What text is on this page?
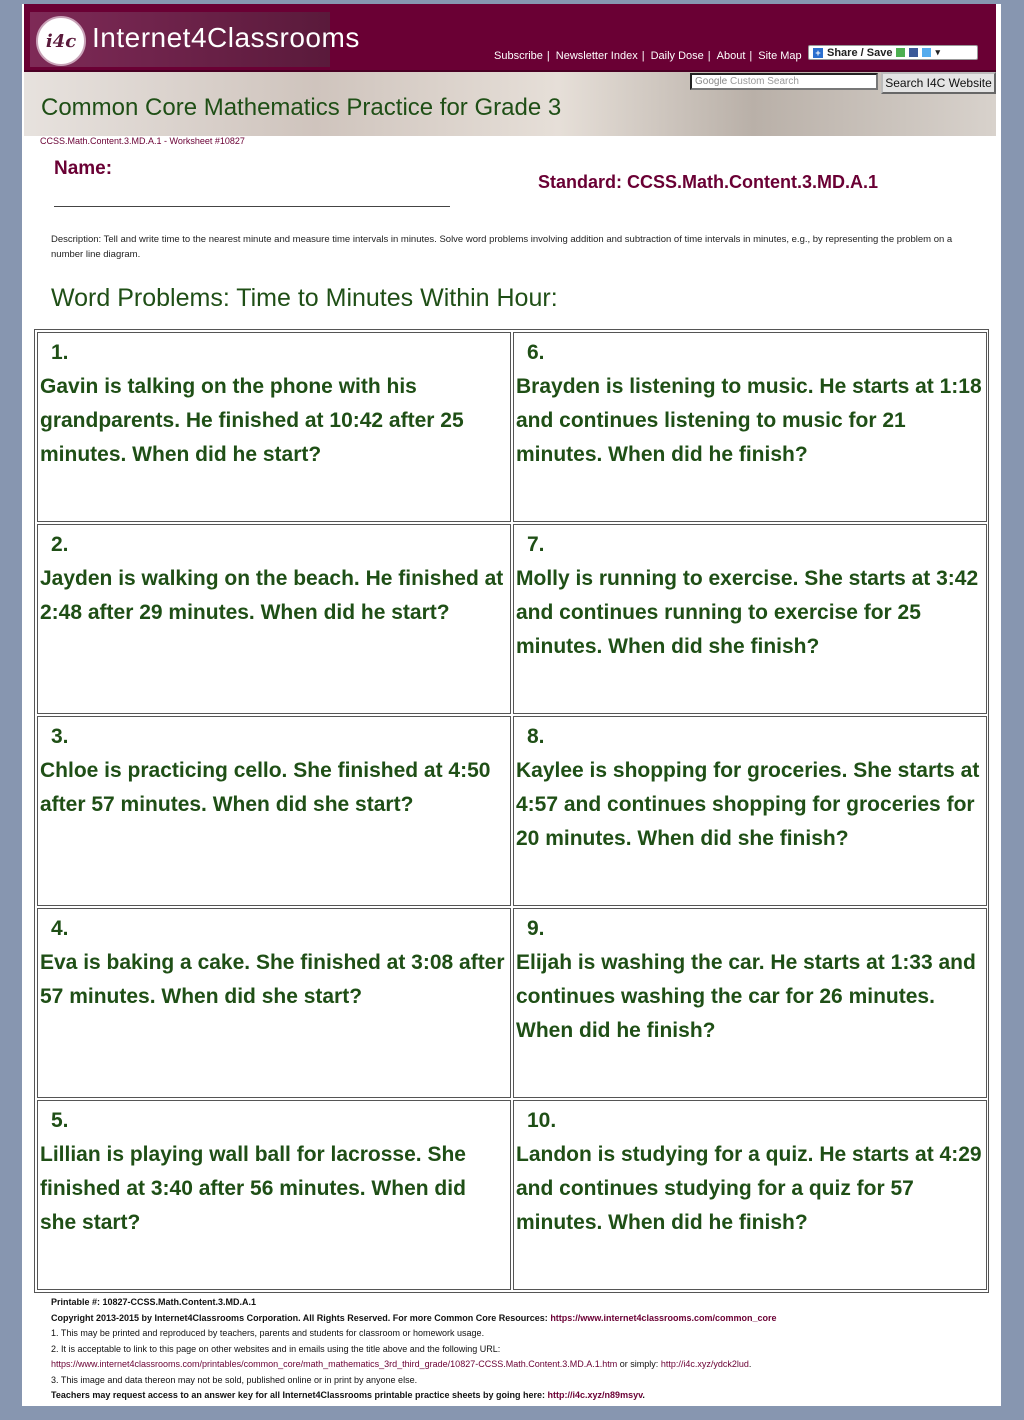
i4c Internet4Classrooms
Subscribe | Newsletter Index | Daily Dose | About | Site Map + Share / Save	▾
Google Custom Search	Search I4C Website
Common Core Mathematics Practice for Grade 3
CCSS.Math.Content.3.MD.A.1 - Worksheet #10827
Name:
Standard: CCSS.Math.Content.3.MD.A.1
Description: Tell and write time to the nearest minute and measure time intervals in minutes. Solve word problems involving addition and subtraction of time intervals in minutes, e.g., by representing the problem on a number line diagram.
Word Problems: Time to Minutes Within Hour:
1.
Gavin is talking on the phone with his grandparents. He finished at 10:42 after 25 minutes. When did he start?
2.
Jayden is walking on the beach. He finished at 2:48 after 29 minutes. When did he start?
3.
Chloe is practicing cello. She finished at 4:50 after 57 minutes. When did she start?
4.
Eva is baking a cake. She finished at 3:08 after 57 minutes. When did she start?
5.
Lillian is playing wall ball for lacrosse. She finished at 3:40 after 56 minutes. When did she start?
6.
Brayden is listening to music. He starts at 1:18 and continues listening to music for 21 minutes. When did he finish?
7.
Molly is running to exercise. She starts at 3:42 and continues running to exercise for 25 minutes. When did she finish?
8.
Kaylee is shopping for groceries. She starts at 4:57 and continues shopping for groceries for 20 minutes. When did she finish?
9.
Elijah is washing the car. He starts at 1:33 and continues washing the car for 26 minutes. When did he finish?
10.
Landon is studying for a quiz. He starts at 4:29 and continues studying for a quiz for 57 minutes. When did he finish?
Printable #: 10827-CCSS.Math.Content.3.MD.A.1
Copyright 2013-2015 by Internet4Classrooms Corporation. All Rights Reserved. For more Common Core Resources: https://www.internet4classrooms.com/common_core
1. This may be printed and reproduced by teachers, parents and students for classroom or homework usage.
2. It is acceptable to link to this page on other websites and in emails using the title above and the following URL:
https://www.internet4classrooms.com/printables/common_core/math_mathematics_3rd_third_grade/10827-CCSS.Math.Content.3.MD.A.1.htm or simply: http://i4c.xyz/ydck2lud.
3. This image and data thereon may not be sold, published online or in print by anyone else.
Teachers may request access to an answer key for all Internet4Classrooms printable practice sheets by going here: http://i4c.xyz/n89msyv.
